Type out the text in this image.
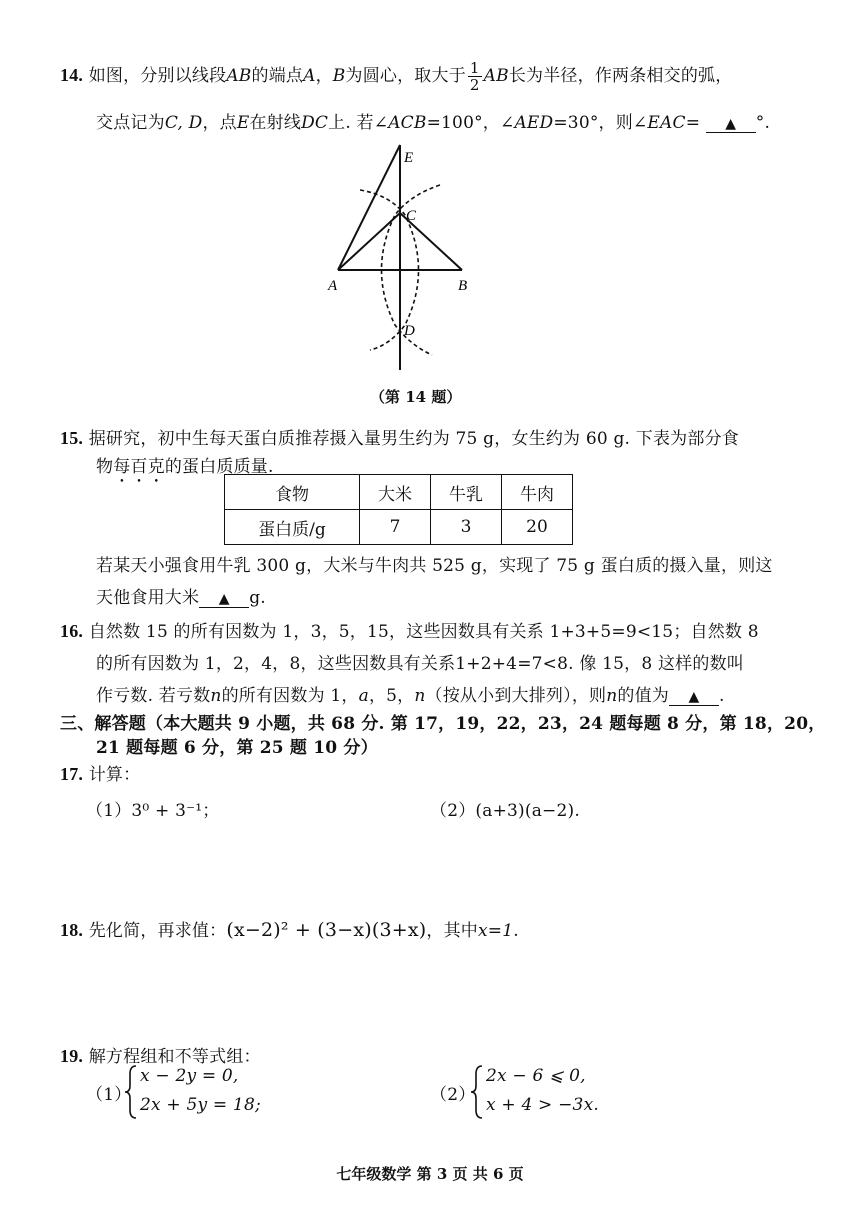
14. 如图，分别以线段AB的端点A，B为圆心，取大于 $\frac{1}{2}$ AB长为半径，作两条相交的弧，
交点记为C, D，点E在射线DC上. 若∠ACB=100°，∠AED=30°，则∠EAC= ▲ °.
E
C
A	B
D
（第 14 题）
15. 据研究，初中生每天蛋白质推荐摄入量男生约为 75 g，女生约为 60 g. 下表为部分食
物每百克的蛋白质质量.
食物	大米	牛乳	牛肉
蛋白质/g	7	3	20
若某天小强食用牛乳 300 g，大米与牛肉共 525 g，实现了 75 g 蛋白质的摄入量，则这
天他食用大米 ▲ g.
16. 自然数 15 的所有因数为 1，3，5，15，这些因数具有关系 1+3+5=9<15；自然数 8
的所有因数为 1，2，4，8，这些因数具有关系1+2+4=7<8. 像 15，8 这样的数叫
作亏数. 若亏数n的所有因数为 1，a，5，n（按从小到大排列），则n的值为 ▲ .
三、解答题（本大题共 9 小题，共 68 分. 第 17，19，22，23，24 题每题 8 分，第 18，20，
21 题每题 6 分，第 25 题 10 分）
17. 计算：
（1）3⁰ + 3⁻¹；	（2）(a+3)(a−2).
18. 先化简，再求值：(x−2)² + (3−x)(3+x)，其中x=1.
19. 解方程组和不等式组：
（1）
x − 2y = 0,
2x + 5y = 18;	（2）
2x − 6 ⩽ 0,
x + 4 > −3x.
七年级数学 第 3 页 共 6 页
